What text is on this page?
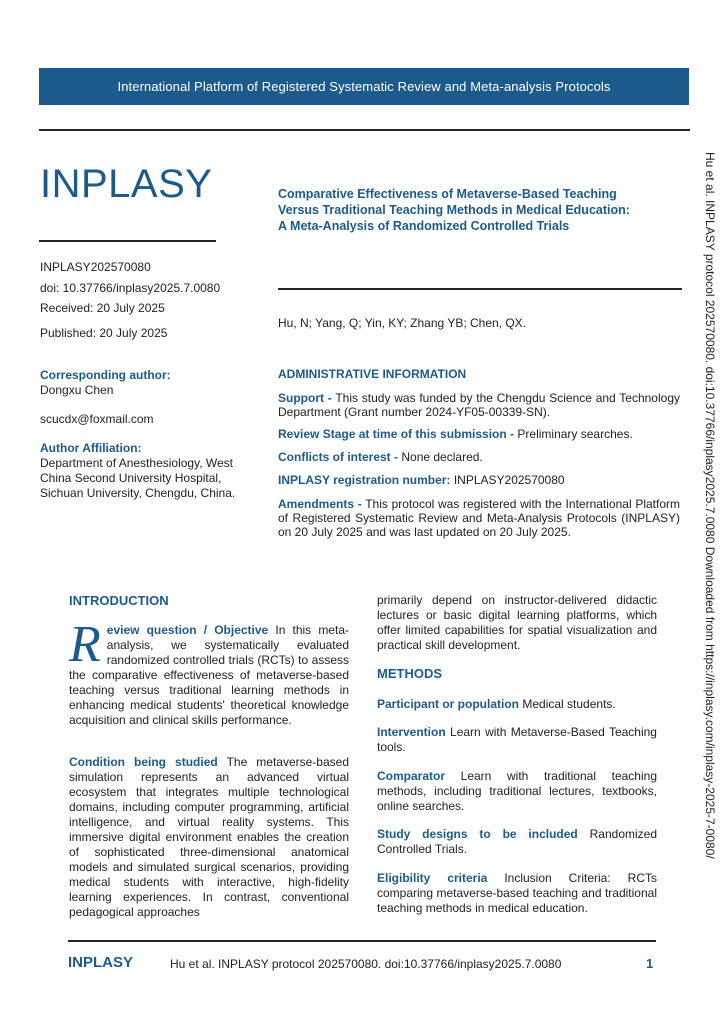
International Platform of Registered Systematic Review and Meta-analysis Protocols
INPLASY
INPLASY202570080
doi: 10.37766/inplasy2025.7.0080
Received: 20 July 2025
Published: 20 July 2025
Comparative Effectiveness of Metaverse-Based Teaching
Versus Traditional Teaching Methods in Medical Education:
A Meta-Analysis of Randomized Controlled Trials
Hu, N; Yang, Q; Yin, KY; Zhang YB; Chen, QX.
Corresponding author:
Dongxu Chen
scucdx@foxmail.com
Author Affiliation:
Department of Anesthesiology, West China Second University Hospital, Sichuan University, Chengdu, China.
ADMINISTRATIVE INFORMATION
Support - This study was funded by the Chengdu Science and Technology Department (Grant number 2024-YF05-00339-SN).
Review Stage at time of this submission - Preliminary searches.
Conflicts of interest - None declared.
INPLASY registration number: INPLASY202570080
Amendments - This protocol was registered with the International Platform of Registered Systematic Review and Meta-Analysis Protocols (INPLASY) on 20 July 2025 and was last updated on 20 July 2025.	Hu et al. INPLASY protocol 202570080. doi:10.37766/inplasy2025.7.0080 Downloaded from https://inplasy.com/inplasy-2025-7-0080/
INTRODUCTION
R eview question / Objective In this meta-analysis, we systematically evaluated randomized controlled trials (RCTs) to assess the comparative effectiveness of metaverse-based teaching versus traditional learning methods in enhancing medical students' theoretical knowledge acquisition and clinical skills performance.
Condition being studied The metaverse-based simulation represents an advanced virtual ecosystem that integrates multiple technological domains, including computer programming, artificial intelligence, and virtual reality systems. This immersive digital environment enables the creation of sophisticated three-dimensional anatomical models and simulated surgical scenarios, providing medical students with interactive, high-fidelity learning experiences. In contrast, conventional pedagogical approaches
primarily depend on instructor-delivered didactic lectures or basic digital learning platforms, which offer limited capabilities for spatial visualization and practical skill development.
METHODS
Participant or population Medical students.
Intervention Learn with Metaverse-Based Teaching tools.
Comparator Learn with traditional teaching methods, including traditional lectures, textbooks, online searches.
Study designs to be included Randomized Controlled Trials.
Eligibility criteria Inclusion Criteria: RCTs comparing metaverse-based teaching and traditional teaching methods in medical education.
INPLASY	Hu et al. INPLASY protocol 202570080. doi:10.37766/inplasy2025.7.0080	1
